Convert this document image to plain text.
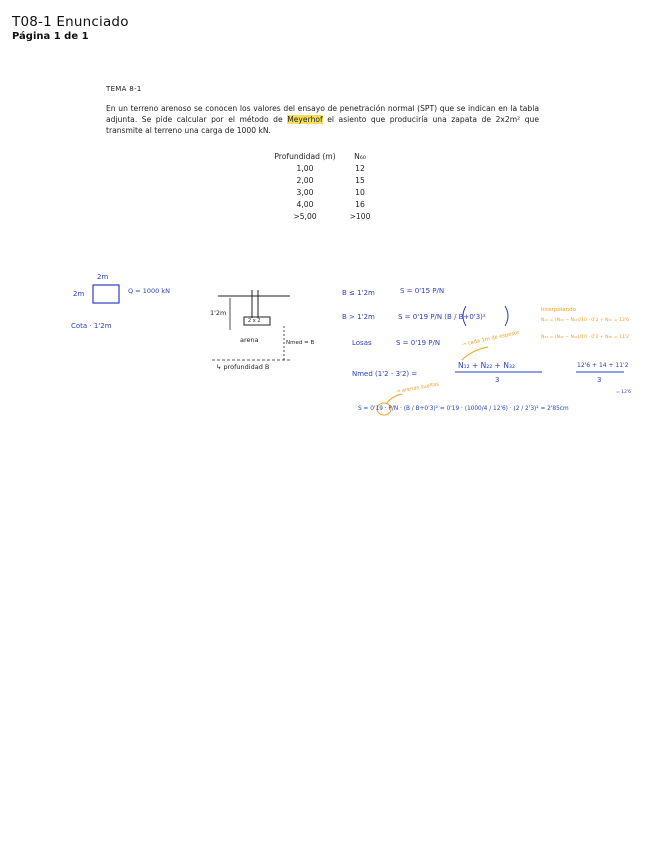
T08-1 Enunciado
Página 1 de 1
TEMA 8-1
En un terreno arenoso se conocen los valores del ensayo de penetración normal (SPT) que se indican en la tabla adjunta. Se pide calcular por el método de Meyerhof el asiento que produciría una zapata de 2x2m² que transmite al terreno una carga de 1000 kN.
Profundidad (m)	N₆₀
1,00	12
2,00	15
3,00	10
4,00	16
>5,00	>100
2m
2m	Q = 1000 kN
Cota · 1'2m
1'2m
2 x 2
arena	Nmed = B
↳ profundidad B
B ≤ 1'2m	S = 0'15 P/N
B > 1'2m	S = 0'19 P/N (B / B+0'3)²
Losas	S = 0'19 P/N
Nmed (1'2 - 3'2) =
N₁₂ + N₂₂ + N₃₂
3
12'6 + 14 + 11'2
3
= 12'6
S = 0'19 · P/N · (B / B+0'3)² = 0'19 · (1000/4 / 12'6) · (2 / 2'3)² = 2'85cm
Interpolando
N₁₂ = (N₂₀ − N₁₀)/10 · 0'2 + N₁₀ = 12'6
N₃₂ = (N₄₀ − N₃₀)/10 · 0'2 + N₃₀ = 11'2
→ cada 1m de espesor
→ arenas sueltas
